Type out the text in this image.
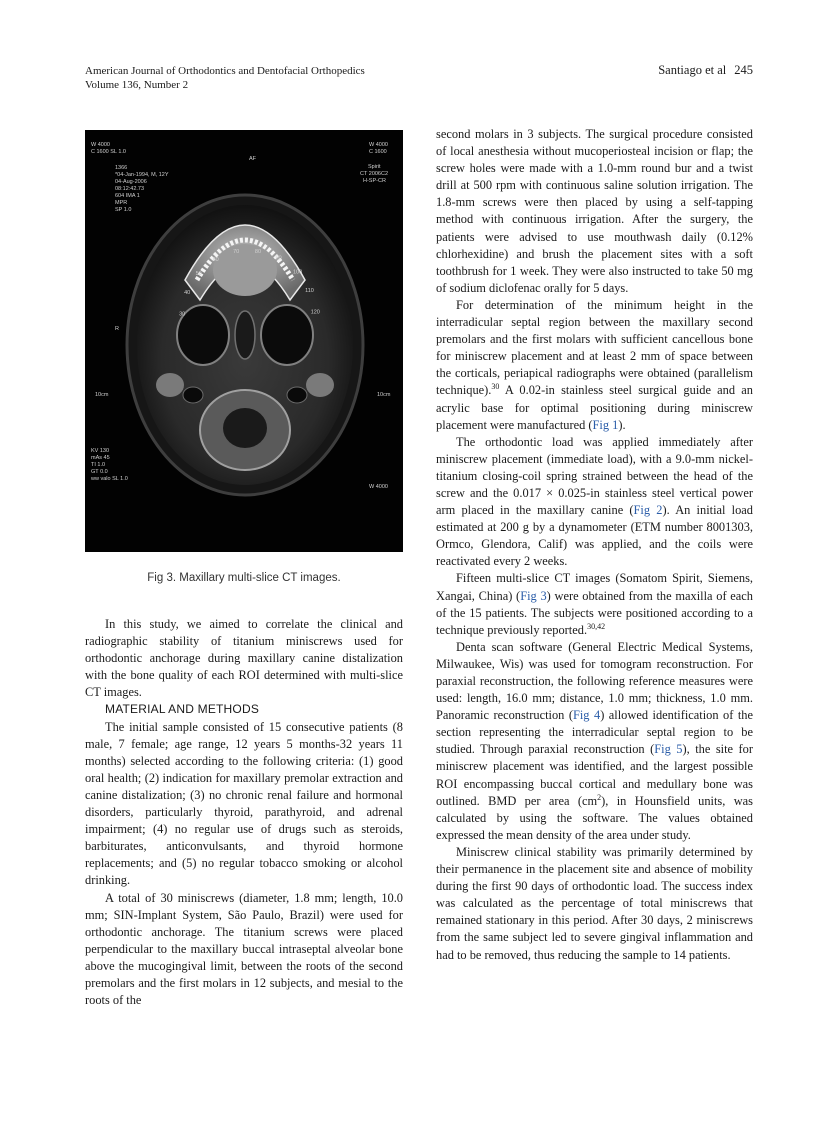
American Journal of Orthodontics and Dentofacial Orthopedics
Volume 136, Number 2
Santiago et al 245
W 4000
C 1600 SL 1.0
W 4000
C 1600
1366
*04-Jan-1994, M, 12Y
04-Aug-2006
08:12:42.73
604 IMA 1
MPR
SP 1.0
AF
Spirit
CT 2006C2
H-SP-CR
R
10cm	10cm
KV 130
mAs 45
TI 1.0
GT 0.0
ww valo SL 1.0
W 4000
30
40
50
60
70	80
90
100
110
120
Fig 3. Maxillary multi-slice CT images.

In this study, we aimed to correlate the clinical and radiographic stability of titanium miniscrews used for orthodontic anchorage during maxillary canine distalization with the bone quality of each ROI determined with multi-slice CT images.

MATERIAL AND METHODS

The initial sample consisted of 15 consecutive patients (8 male, 7 female; age range, 12 years 5 months-32 years 11 months) selected according to the following criteria: (1) good oral health; (2) indication for maxillary premolar extraction and canine distalization; (3) no chronic renal failure and hormonal disorders, particularly thyroid, parathyroid, and adrenal impairment; (4) no regular use of drugs such as steroids, barbiturates, anticonvulsants, and thyroid hormone replacements; and (5) no regular tobacco smoking or alcohol drinking.

A total of 30 miniscrews (diameter, 1.8 mm; length, 10.0 mm; SIN-Implant System, São Paulo, Brazil) were used for orthodontic anchorage. The titanium screws were placed perpendicular to the maxillary buccal intraseptal alveolar bone above the mucogingival limit, between the roots of the second premolars and the first molars in 12 subjects, and mesial to the roots of the

second molars in 3 subjects. The surgical procedure consisted of local anesthesia without mucoperiosteal incision or flap; the screw holes were made with a 1.0-mm round bur and a twist drill at 500 rpm with continuous saline solution irrigation. The 1.8-mm screws were then placed by using a self-tapping method with continuous irrigation. After the surgery, the patients were advised to use mouthwash daily (0.12% chlorhexidine) and brush the placement sites with a soft toothbrush for 1 week. They were also instructed to take 50 mg of sodium diclofenac orally for 5 days.

For determination of the minimum height in the interradicular septal region between the maxillary second premolars and the first molars with sufficient cancellous bone for miniscrew placement and at least 2 mm of space between the corticals, periapical radiographs were obtained (parallelism technique).$^{30}$ A 0.02-in stainless steel surgical guide and an acrylic base for optimal positioning during miniscrew placement were manufactured (Fig 1).

The orthodontic load was applied immediately after miniscrew placement (immediate load), with a 9.0-mm nickel-titanium closing-coil spring strained between the head of the screw and the 0.017 × 0.025-in stainless steel vertical power arm placed in the maxillary canine (Fig 2). An initial load estimated at 200 g by a dynamometer (ETM number 8001303, Ormco, Glendora, Calif) was applied, and the coils were reactivated every 2 weeks.

Fifteen multi-slice CT images (Somatom Spirit, Siemens, Xangai, China) (Fig 3) were obtained from the maxilla of each of the 15 patients. The subjects were positioned according to a technique previously reported.$^{30,42}$

Denta scan software (General Electric Medical Systems, Milwaukee, Wis) was used for tomogram reconstruction. For paraxial reconstruction, the following reference measures were used: length, 16.0 mm; distance, 1.0 mm; thickness, 1.0 mm. Panoramic reconstruction (Fig 4) allowed identification of the section representing the interradicular septal region to be studied. Through paraxial reconstruction (Fig 5), the site for miniscrew placement was identified, and the largest possible ROI encompassing buccal cortical and medullary bone was outlined. BMD per area $(cm^2)$, in Hounsfield units, was calculated by using the software. The values obtained expressed the mean density of the area under study.

Miniscrew clinical stability was primarily determined by their permanence in the placement site and absence of mobility during the first 90 days of orthodontic load. The success index was calculated as the percentage of total miniscrews that remained stationary in this period. After 30 days, 2 miniscrews from the same subject led to severe gingival inflammation and had to be removed, thus reducing the sample to 14 patients.
